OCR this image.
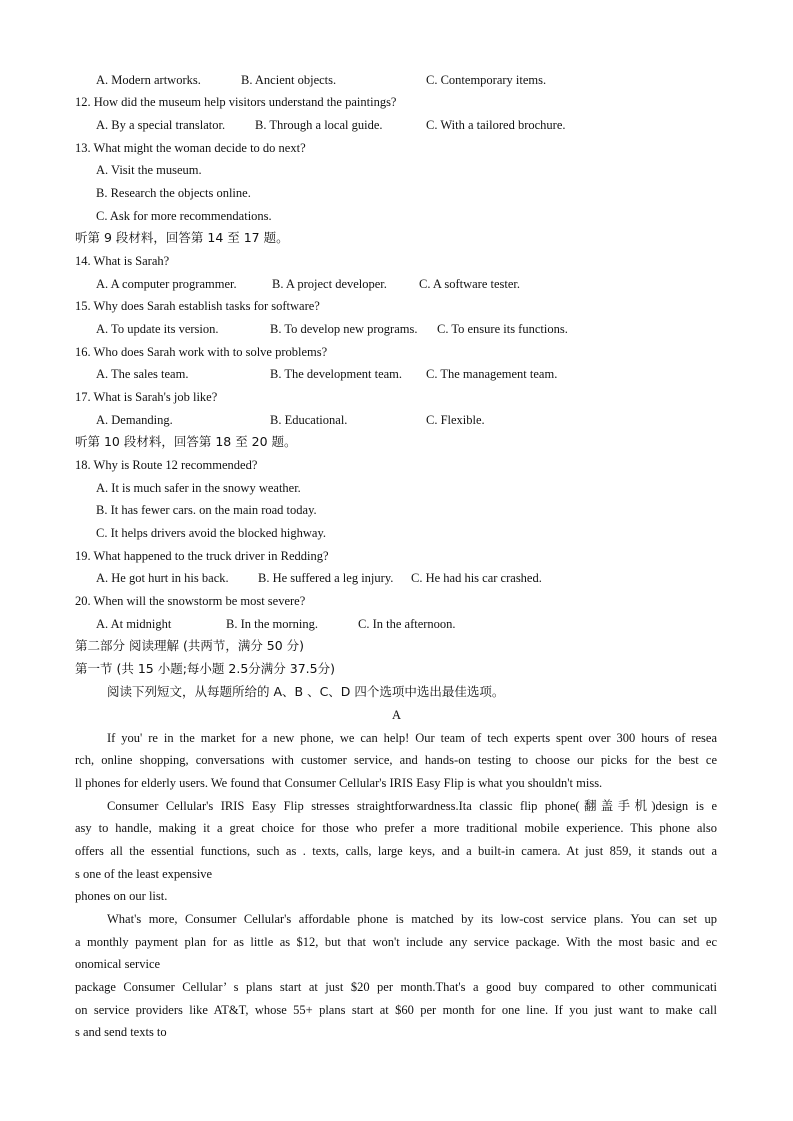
A. Modern artworks.	B. Ancient objects.	C. Contemporary items.
12. How did the museum help visitors understand the paintings?
A. By a special translator. B. Through a local guide.	C. With a tailored brochure.
13. What might the woman decide to do next?
A. Visit the museum.
B. Research the objects online.
C. Ask for more recommendations.
听第 9 段材料，回答第 14 至 17 题。
14. What is Sarah?
A. A computer programmer.	B. A project developer.	C. A software tester.
15. Why does Sarah establish tasks for software?
A. To update its version.	B. To develop new programs. C. To ensure its functions.
16. Who does Sarah work with to solve problems?
A. The sales team.	B. The development team. C. The management team.
17. What is Sarah's job like?
A. Demanding.	B. Educational.	C. Flexible.
听第 10 段材料，回答第 18 至 20 题。
18. Why is Route 12 recommended?
A. It is much safer in the snowy weather.
B. It has fewer cars. on the main road today.
C. It helps drivers avoid the blocked highway.
19. What happened to the truck driver in Redding?
A. He got hurt in his back. B. He suffered a leg injury. C. He had his car crashed.
20. When will the snowstorm be most severe?
A. At midnight	B. In the morning.	C. In the afternoon.
第二部分 阅读理解 (共两节，满分 50 分)
第一节 (共 15 小题;每小题 2.5分满分 37.5分)
阅读下列短文，从每题所给的 A、B 、C、D 四个选项中选出最佳选项。
A
If you' re in the market for a new phone, we can help! Our team of tech experts spent over 300 hours of resea
rch, online shopping, conversations with customer service, and hands-on testing to choose our picks for the best ce
ll phones for elderly users. We found that Consumer Cellular's IRIS Easy Flip is what you shouldn't miss.
Consumer Cellular's IRIS Easy Flip stresses straightforwardness.Ita classic flip phone(翻盖手机)design is e
asy to handle, making it a great choice for those who prefer a more traditional mobile experience. This phone also
offers all the essential functions, such as . texts, calls, large keys, and a built-in camera. At just 859, it stands out a
s one of the least expensive
phones on our list.
What's more, Consumer Cellular's affordable phone is matched by its low-cost service plans. You can set up
a monthly payment plan for as little as $12, but that won't include any service package. With the most basic and ec
onomical service
package Consumer Cellular’ s plans start at just $20 per month.That's a good buy compared to other communicati
on service providers like AT&T, whose 55+ plans start at $60 per month for one line. If you just want to make call
s and send texts to
